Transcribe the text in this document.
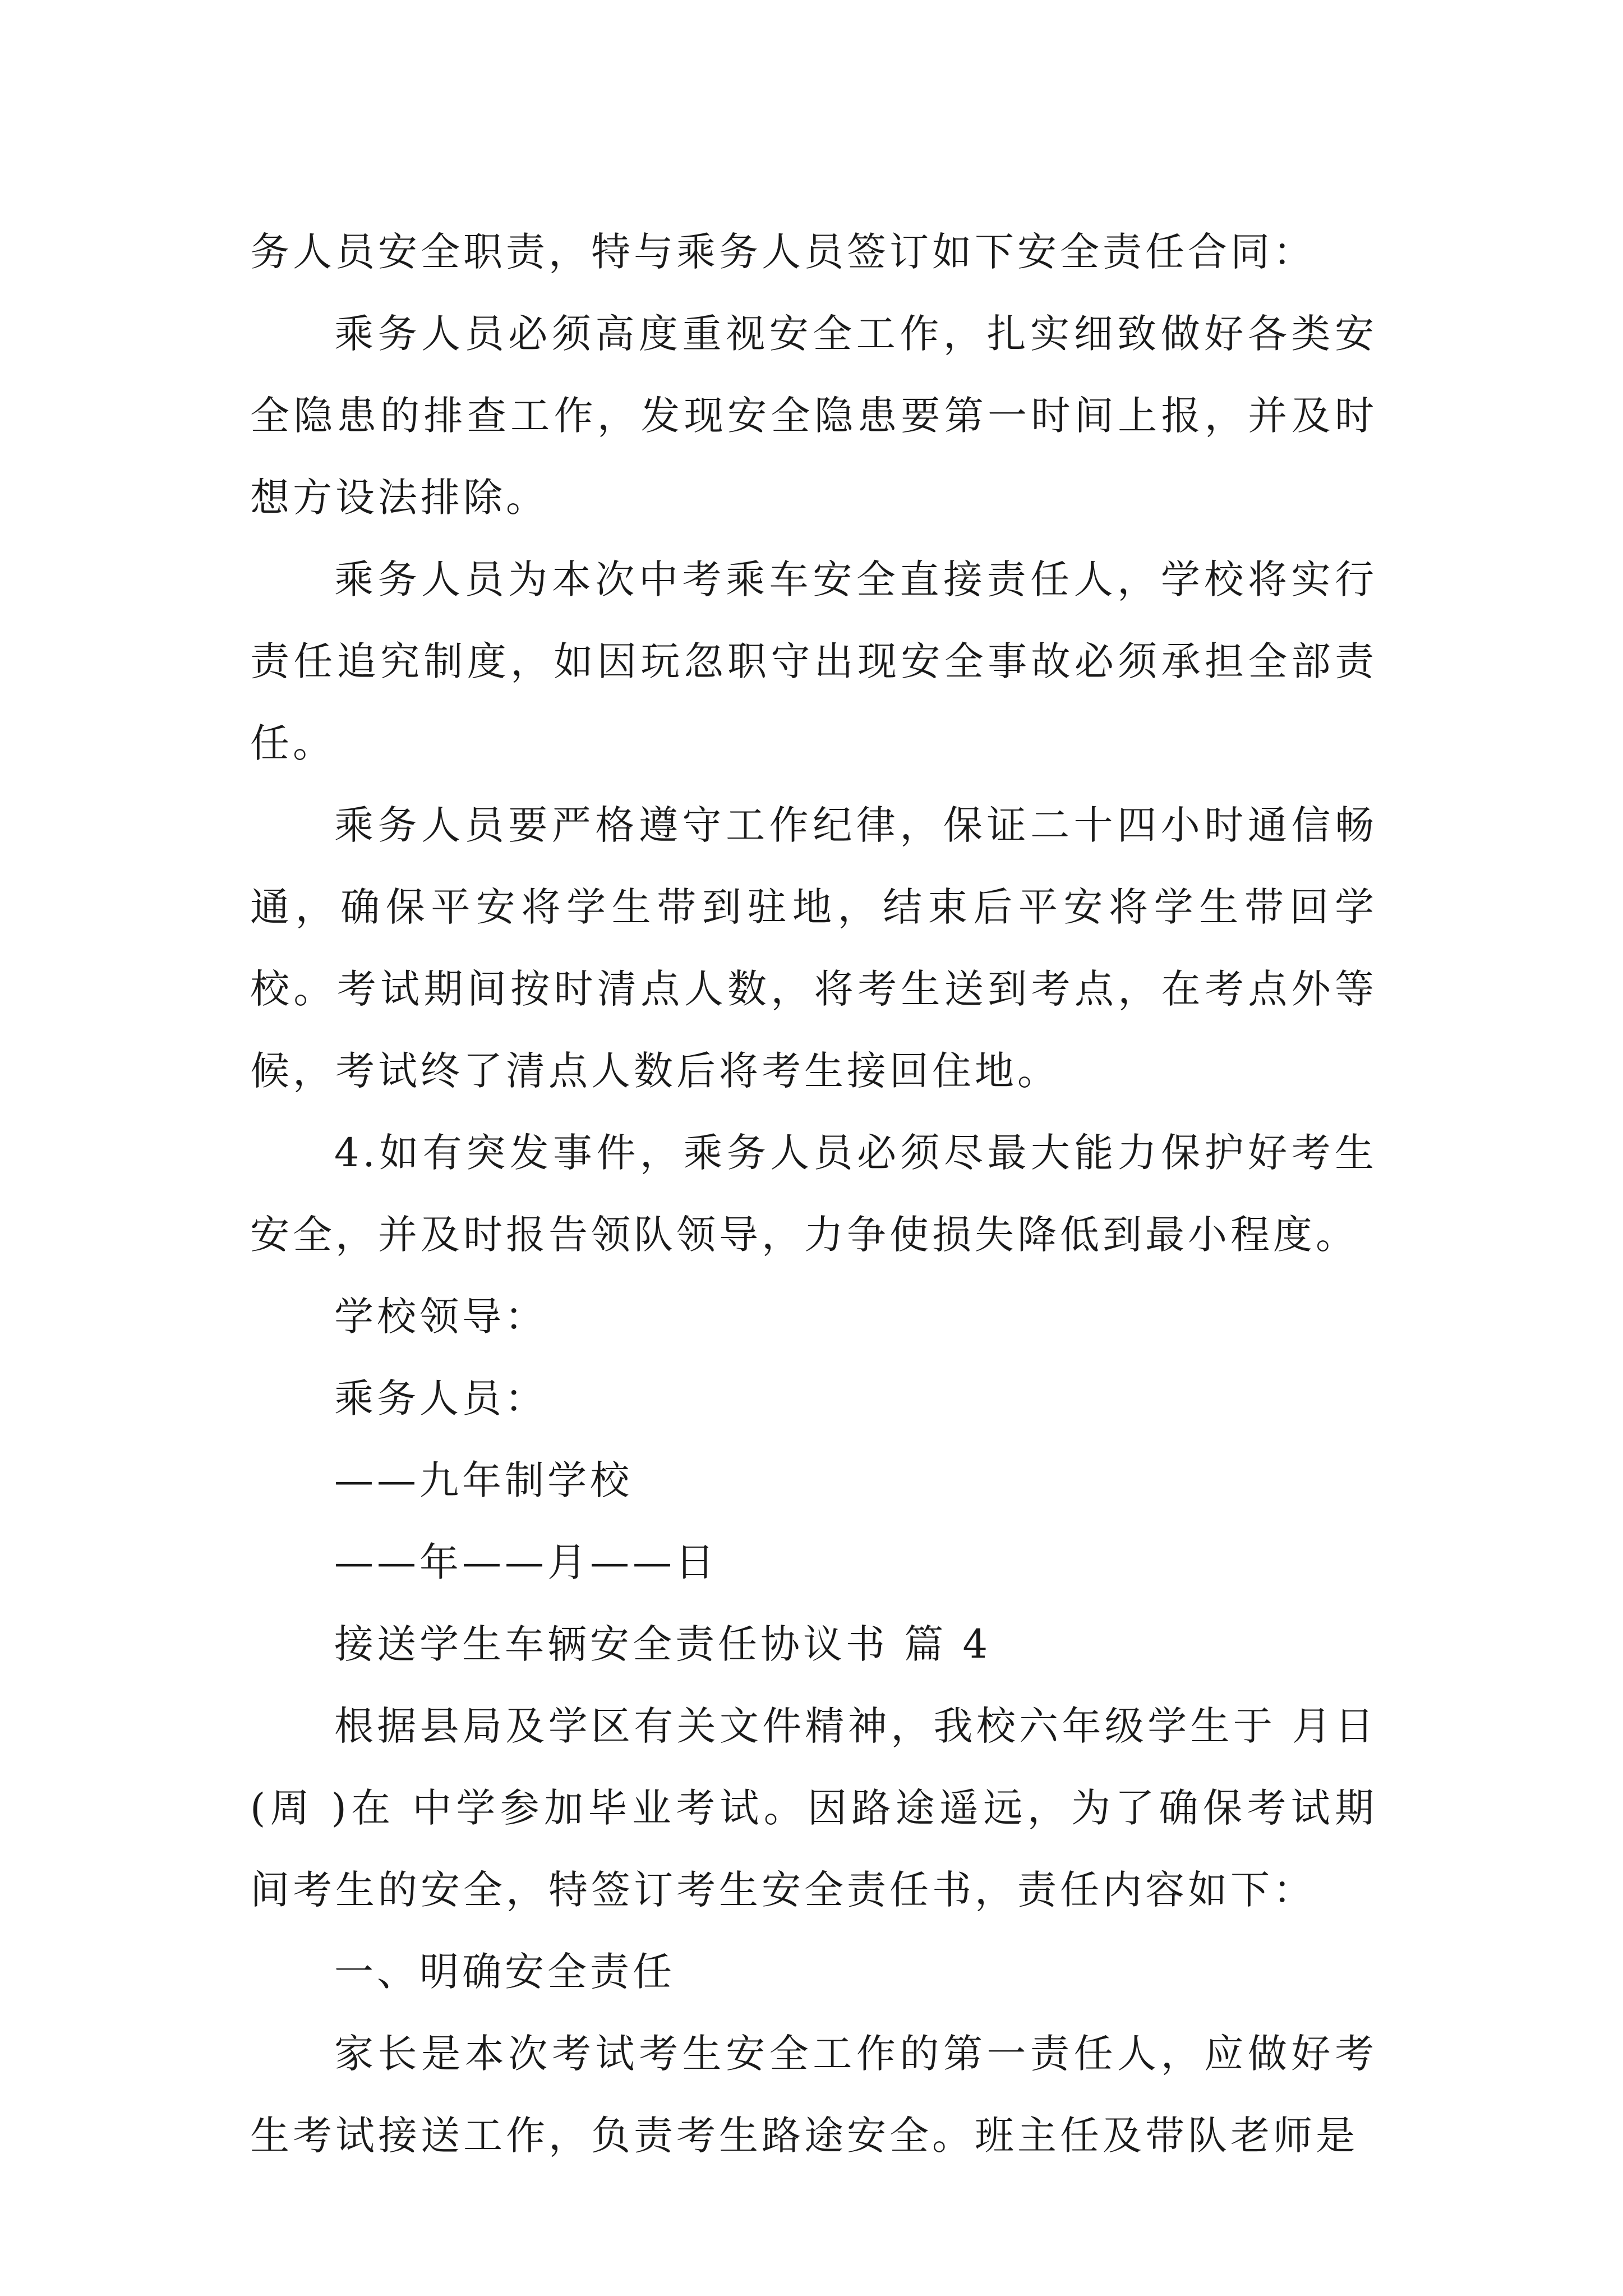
务人员安全职责，特与乘务人员签订如下安全责任合同：

乘务人员必须高度重视安全工作，扎实细致做好各类安全隐患的排查工作，发现安全隐患要第一时间上报，并及时想方设法排除。

乘务人员为本次中考乘车安全直接责任人，学校将实行责任追究制度，如因玩忽职守出现安全事故必须承担全部责任。

乘务人员要严格遵守工作纪律，保证二十四小时通信畅通，确保平安将学生带到驻地，结束后平安将学生带回学校。考试期间按时清点人数，将考生送到考点，在考点外等候，考试终了清点人数后将考生接回住地。

4.如有突发事件，乘务人员必须尽最大能力保护好考生安全，并及时报告领队领导，力争使损失降低到最小程度。

学校领导：

乘务人员：

——九年制学校

——年——月——日

接送学生车辆安全责任协议书 篇 4

根据县局及学区有关文件精神，我校六年级学生于 月日(周 )在 中学参加毕业考试。因路途遥远，为了确保考试期间考生的安全，特签订考生安全责任书，责任内容如下：

一、明确安全责任

家长是本次考试考生安全工作的第一责任人，应做好考生考试接送工作，负责考生路途安全。班主任及带队老师是
